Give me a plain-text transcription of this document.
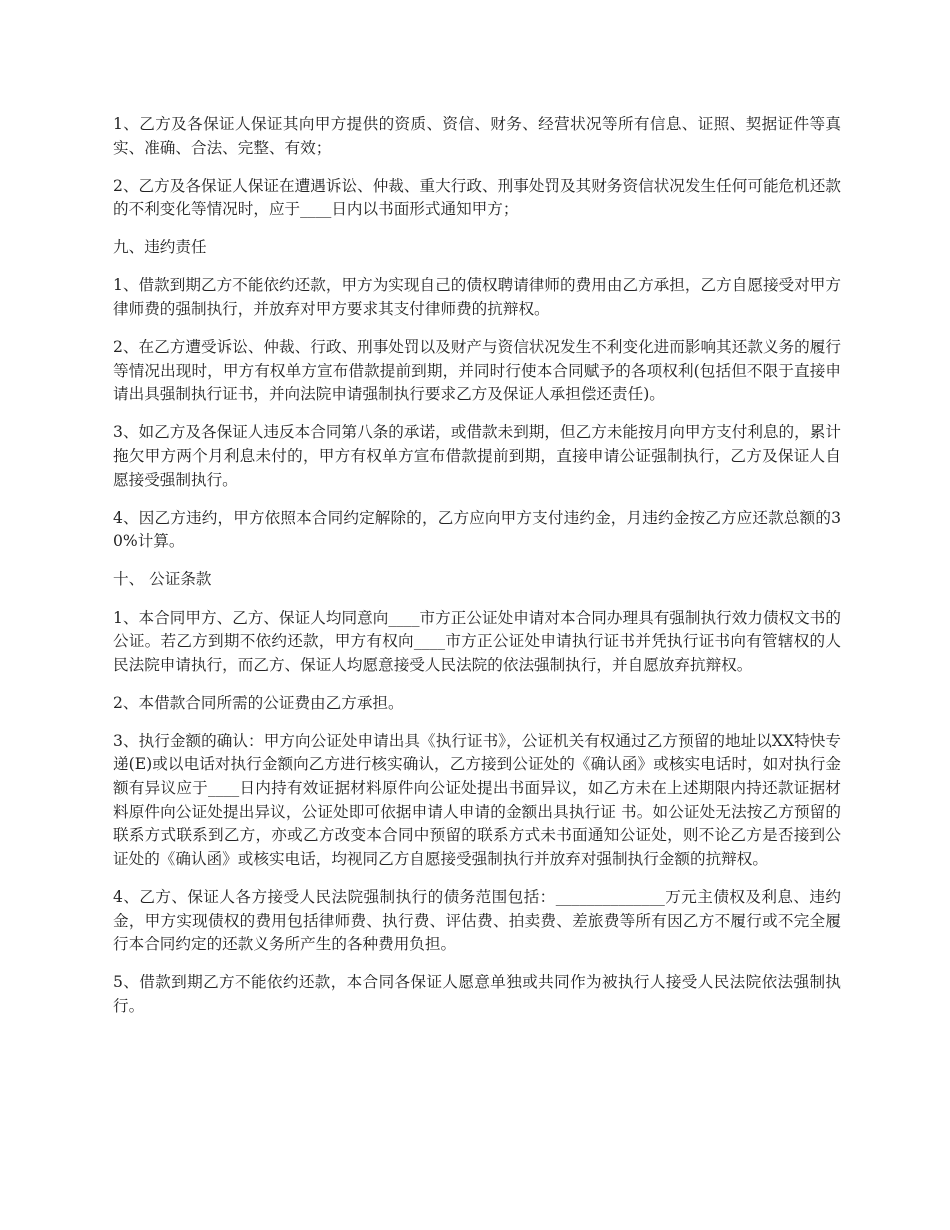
1、乙方及各保证人保证其向甲方提供的资质、资信、财务、经营状况等所有信息、证照、契据证件等真实、准确、合法、完整、有效；

2、乙方及各保证人保证在遭遇诉讼、仲裁、重大行政、刑事处罚及其财务资信状况发生任何可能危机还款的不利变化等情况时，应于____日内以书面形式通知甲方；

九、违约责任

1、借款到期乙方不能依约还款，甲方为实现自己的债权聘请律师的费用由乙方承担，乙方自愿接受对甲方律师费的强制执行，并放弃对甲方要求其支付律师费的抗辩权。

2、在乙方遭受诉讼、仲裁、行政、刑事处罚以及财产与资信状况发生不利变化进而影响其还款义务的履行等情况出现时，甲方有权单方宣布借款提前到期，并同时行使本合同赋予的各项权利(包括但不限于直接申请出具强制执行证书，并向法院申请强制执行要求乙方及保证人承担偿还责任)。

3、如乙方及各保证人违反本合同第八条的承诺，或借款未到期，但乙方未能按月向甲方支付利息的，累计拖欠甲方两个月利息未付的，甲方有权单方宣布借款提前到期，直接申请公证强制执行，乙方及保证人自愿接受强制执行。

4、因乙方违约，甲方依照本合同约定解除的，乙方应向甲方支付违约金，月违约金按乙方应还款总额的30%计算。

十、 公证条款

1、本合同甲方、乙方、保证人均同意向____市方正公证处申请对本合同办理具有强制执行效力债权文书的公证。若乙方到期不依约还款，甲方有权向____市方正公证处申请执行证书并凭执行证书向有管辖权的人民法院申请执行，而乙方、保证人均愿意接受人民法院的依法强制执行，并自愿放弃抗辩权。

2、本借款合同所需的公证费由乙方承担。

3、执行金额的确认：甲方向公证处申请出具《执行证书》，公证机关有权通过乙方预留的地址以XX特快专递(E)或以电话对执行金额向乙方进行核实确认，乙方接到公证处的《确认函》或核实电话时，如对执行金额有异议应于____日内持有效证据材料原件向公证处提出书面异议，如乙方未在上述期限内持还款证据材料原件向公证处提出异议，公证处即可依据申请人申请的金额出具执行证 书。如公证处无法按乙方预留的联系方式联系到乙方，亦或乙方改变本合同中预留的联系方式未书面通知公证处，则不论乙方是否接到公证处的《确认函》或核实电话，均视同乙方自愿接受强制执行并放弃对强制执行金额的抗辩权。

4、乙方、保证人各方接受人民法院强制执行的债务范围包括：______________万元主债权及利息、违约金，甲方实现债权的费用包括律师费、执行费、评估费、拍卖费、差旅费等所有因乙方不履行或不完全履行本合同约定的还款义务所产生的各种费用负担。

5、借款到期乙方不能依约还款，本合同各保证人愿意单独或共同作为被执行人接受人民法院依法强制执行。
